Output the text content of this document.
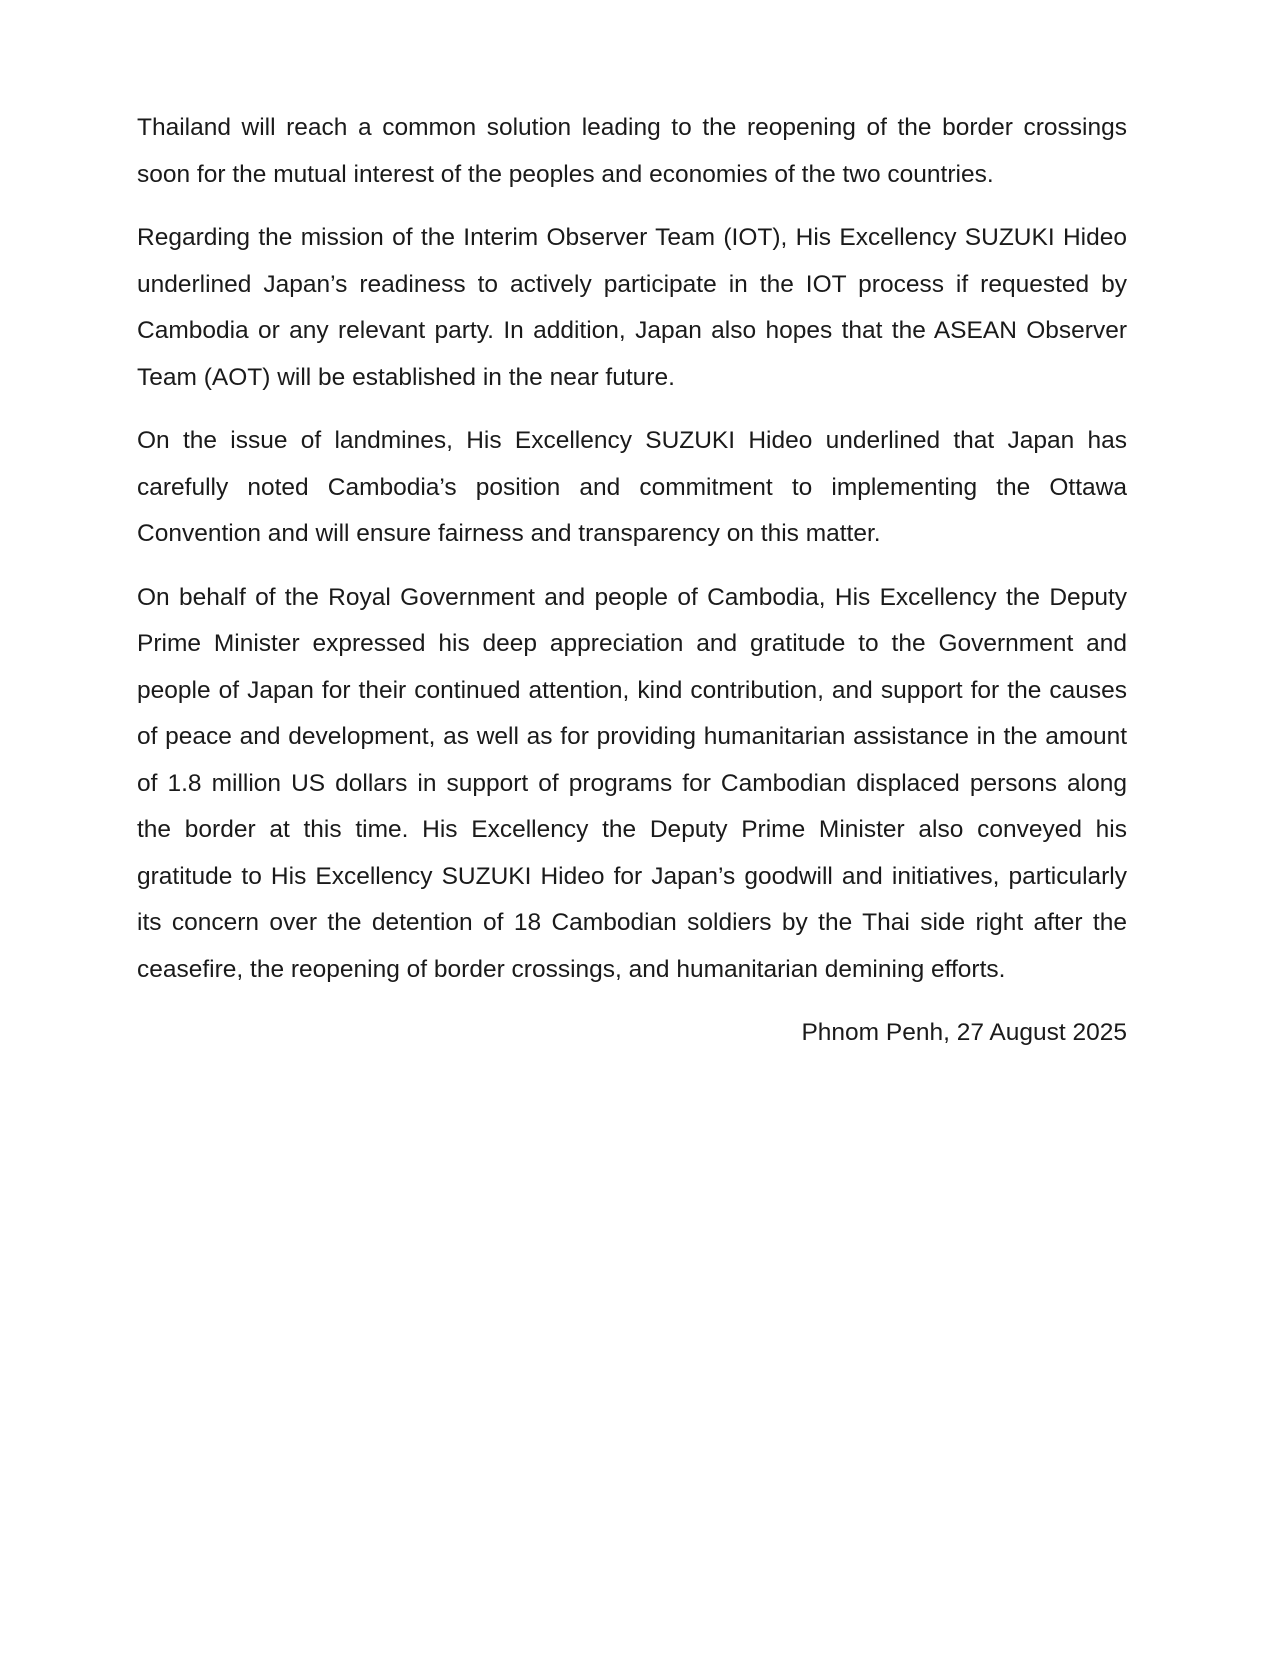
Thailand will reach a common solution leading to the reopening of the border crossings
soon for the mutual interest of the peoples and economies of the two countries.

Regarding the mission of the Interim Observer Team (IOT), His Excellency SUZUKI Hideo
underlined Japan’s readiness to actively participate in the IOT process if requested by
Cambodia or any relevant party. In addition, Japan also hopes that the ASEAN Observer
Team (AOT) will be established in the near future.

On the issue of landmines, His Excellency SUZUKI Hideo underlined that Japan has
carefully noted Cambodia’s position and commitment to implementing the Ottawa
Convention and will ensure fairness and transparency on this matter.

On behalf of the Royal Government and people of Cambodia, His Excellency the Deputy
Prime Minister expressed his deep appreciation and gratitude to the Government and
people of Japan for their continued attention, kind contribution, and support for the causes
of peace and development, as well as for providing humanitarian assistance in the amount
of 1.8 million US dollars in support of programs for Cambodian displaced persons along
the border at this time. His Excellency the Deputy Prime Minister also conveyed his
gratitude to His Excellency SUZUKI Hideo for Japan’s goodwill and initiatives, particularly
its concern over the detention of 18 Cambodian soldiers by the Thai side right after the
ceasefire, the reopening of border crossings, and humanitarian demining efforts.

Phnom Penh, 27 August 2025
